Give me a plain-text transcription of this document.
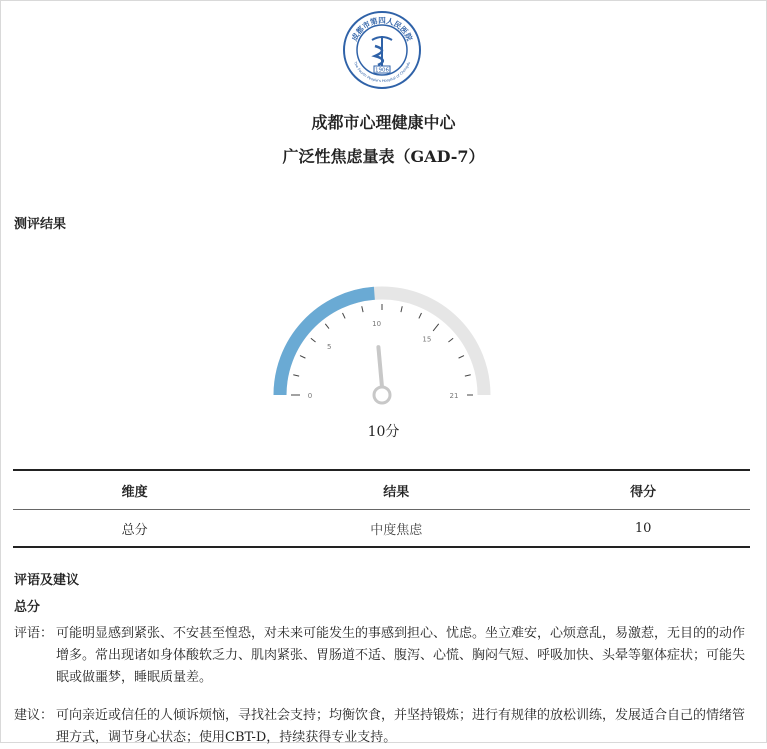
成都市第四人民医院
The Fourth People's Hospital of Chengdu
1906
成都市心理健康中心
广泛性焦虑量表（GAD-7）
测评结果
0
5
10
15
21
10分
维度	结果	得分
总分	中度焦虑	10
评语及建议
总分
评语： 可能明显感到紧张、不安甚至惶恐，对未来可能发生的事感到担心、忧虑。坐立难安，心烦意乱，易激惹，无目的的动作增多。常出现诸如身体酸软乏力、肌肉紧张、胃肠道不适、腹泻、心慌、胸闷气短、呼吸加快、头晕等躯体症状；可能失眠或做噩梦，睡眠质量差。
建议： 可向亲近或信任的人倾诉烦恼，寻找社会支持；均衡饮食，并坚持锻炼；进行有规律的放松训练，发展适合自己的情绪管理方式，调节身心状态；使用CBT-D，持续获得专业支持。
